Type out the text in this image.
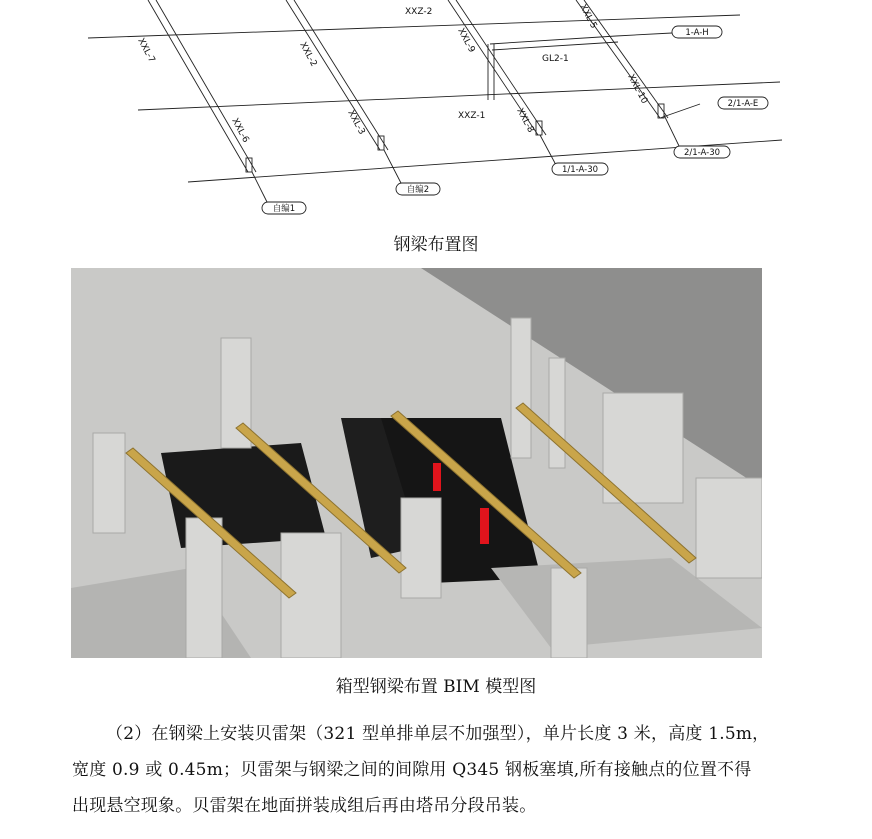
XXZ-2
XXL-7	XXL-2
XXL-9
XXL-5
GL2-1
XXL-10
XXZ-1	XXL-8
XXL-6	XXL-3
1-A-H
2/1-A-E
2/1-A-30
1/1-A-30
自编2
自编1
钢梁布置图
箱型钢梁布置 BIM 模型图

（2）在钢梁上安装贝雷架（321 型单排单层不加强型），单片长度 3 米，高度 1.5m，

宽度 0.9 或 0.45m；贝雷架与钢梁之间的间隙用 Q345 钢板塞填,所有接触点的位置不得
出现悬空现象。贝雷架在地面拼装成组后再由塔吊分段吊装。
